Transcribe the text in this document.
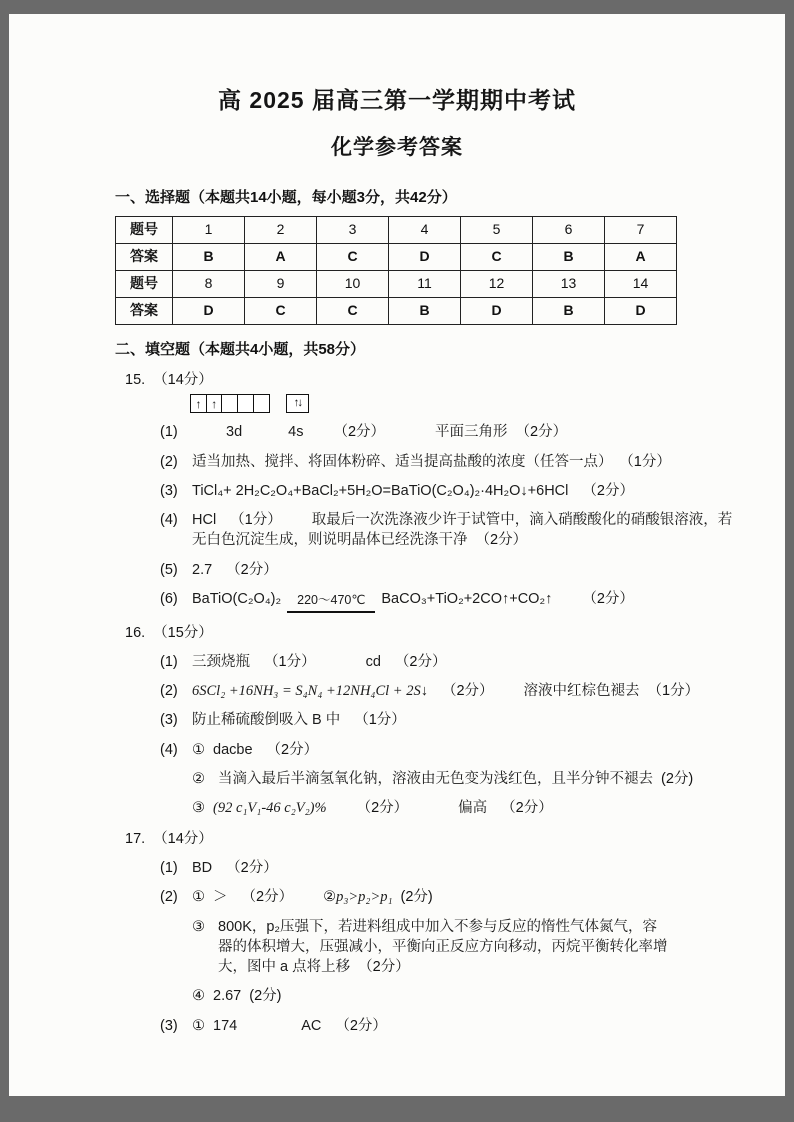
高 2025 届高三第一学期期中考试
化学参考答案

一、选择题（本题共14小题，每小题3分，共42分）

题号	1	2	3	4	5	6	7
答案	B	A	C	D	C	B	A
题号	8	9	10	11	12	13	14
答案	D	C	C	B	D	B	D

二、填空题（本题共4小题，共58分）

15. （14分）
↑ ↑	↑↓
(1)	3d	4s （2分）	平面三角形 （2分）
(2) 适当加热、搅拌、将固体粉碎、适当提高盐酸的浓度（任答一点） （1分）
(3) TiCl₄+ 2H₂C₂O₄+BaCl₂+5H₂O=BaTiO(C₂O₄)₂·4H₂O↓+6HCl （2分）
(4) HCl （1分） 取最后一次洗涤液少许于试管中，滴入硝酸酸化的硝酸银溶液，若无白色沉淀生成，则说明晶体已经洗涤干净 （2分）
(5) 2.7 （2分）
(6) BaTiO(C₂O₄)₂ 220～470℃ BaCO₃+TiO₂+2CO↑+CO₂↑ （2分）
16. （15分）
(1) 三颈烧瓶 （1分）	cd （2分）
(2) 6SCl₂ +16NH₃ = S₄N₄ +12NH₄Cl + 2S↓ （2分） 溶液中红棕色褪去 （1分）
(3) 防止稀硫酸倒吸入 B 中 （1分）
(4) ① dacbe （2分）
② 当滴入最后半滴氢氧化钠，溶液由无色变为浅红色，且半分钟不褪去 (2分)
③ (92 c₁V₁-46 c₂V₂)% （2分）	偏高 （2分）
17. （14分）
(1) BD （2分）
(2) ① ＞ （2分） ②p₃>p₂>p₁ (2分)
③ 800K，p₂压强下，若进料组成中加入不参与反应的惰性气体氮气，容器的体积增大，压强减小，平衡向正反应方向移动，丙烷平衡转化率增大，图中 a 点将上移 （2分）
④ 2.67 (2分)
(3) ① 174	AC （2分）
